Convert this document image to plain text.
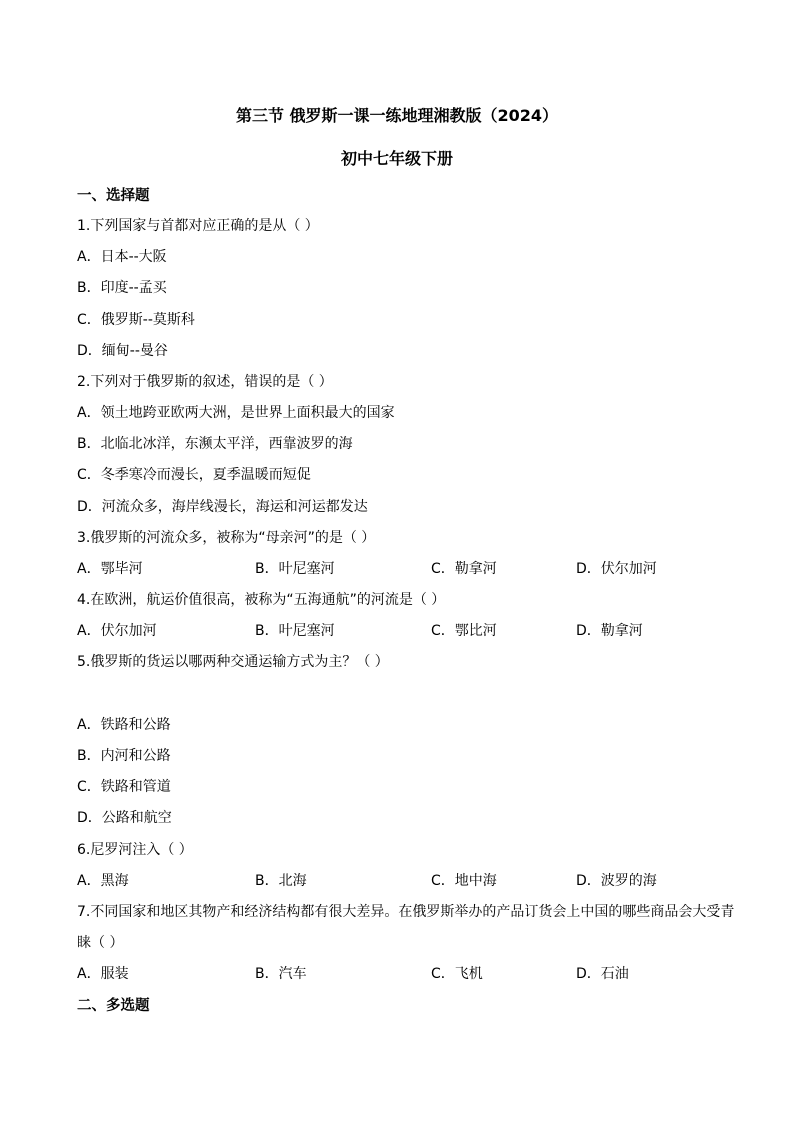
第三节 俄罗斯一课一练地理湘教版（2024）
初中七年级下册
一、选择题
1.下列国家与首都对应正确的是从（ ）
A．日本--大阪
B．印度--孟买
C．俄罗斯--莫斯科
D．缅甸--曼谷
2.下列对于俄罗斯的叙述，错误的是（ ）
A．领土地跨亚欧两大洲，是世界上面积最大的国家
B．北临北冰洋，东濒太平洋，西靠波罗的海
C．冬季寒冷而漫长，夏季温暖而短促
D．河流众多，海岸线漫长，海运和河运都发达
3.俄罗斯的河流众多，被称为“母亲河”的是（ ）
A．鄂毕河	B．叶尼塞河	C．勒拿河	D．伏尔加河
4.在欧洲，航运价值很高，被称为“五海通航”的河流是（ ）
A．伏尔加河	B．叶尼塞河	C．鄂比河	D．勒拿河
5.俄罗斯的货运以哪两种交通运输方式为主？（ ）
A．铁路和公路
B．内河和公路
C．铁路和管道
D．公路和航空
6.尼罗河注入（ ）
A．黑海	B．北海	C．地中海	D．波罗的海
7.不同国家和地区其物产和经济结构都有很大差异。在俄罗斯举办的产品订货会上中国的哪些商品会大受青睐（ ）
A．服装	B．汽车	C．飞机	D．石油
二、多选题
